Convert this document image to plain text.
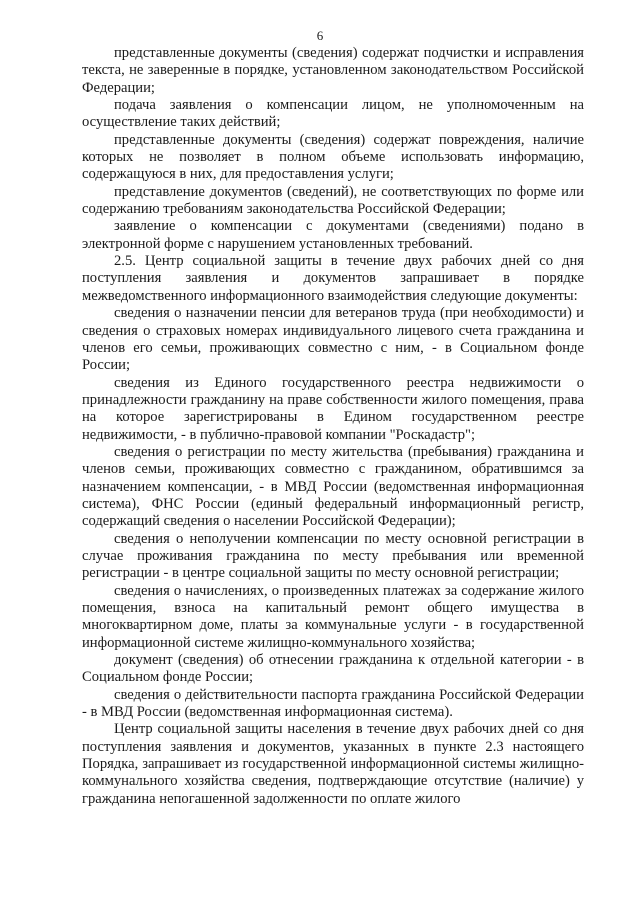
6

представленные документы (сведения) содержат подчистки и исправления текста, не заверенные в порядке, установленном законодательством Российской Федерации;

подача заявления о компенсации лицом, не уполномоченным на осуществление таких действий;

представленные документы (сведения) содержат повреждения, наличие которых не позволяет в полном объеме использовать информацию, содержащуюся в них, для предоставления услуги;

представление документов (сведений), не соответствующих по форме или содержанию требованиям законодательства Российской Федерации;

заявление о компенсации с документами (сведениями) подано в электронной форме с нарушением установленных требований.

2.5. Центр социальной защиты в течение двух рабочих дней со дня поступления заявления и документов запрашивает в порядке межведомственного информационного взаимодействия следующие документы:

сведения о назначении пенсии для ветеранов труда (при необходимости) и сведения о страховых номерах индивидуального лицевого счета гражданина и членов его семьи, проживающих совместно с ним, - в Социальном фонде России;

сведения из Единого государственного реестра недвижимости о принадлежности гражданину на праве собственности жилого помещения, права на которое зарегистрированы в Едином государственном реестре недвижимости, - в публично-правовой компании "Роскадастр";

сведения о регистрации по месту жительства (пребывания) гражданина и членов семьи, проживающих совместно с гражданином, обратившимся за назначением компенсации, - в МВД России (ведомственная информационная система), ФНС России (единый федеральный информационный регистр, содержащий сведения о населении Российской Федерации);

сведения о неполучении компенсации по месту основной регистрации в случае проживания гражданина по месту пребывания или временной регистрации - в центре социальной защиты по месту основной регистрации;

сведения о начислениях, о произведенных платежах за содержание жилого помещения, взноса на капитальный ремонт общего имущества в многоквартирном доме, платы за коммунальные услуги - в государственной информационной системе жилищно-коммунального хозяйства;

документ (сведения) об отнесении гражданина к отдельной категории - в Социальном фонде России;

сведения о действительности паспорта гражданина Российской Федерации - в МВД России (ведомственная информационная система).

Центр социальной защиты населения в течение двух рабочих дней со дня поступления заявления и документов, указанных в пункте 2.3 настоящего Порядка, запрашивает из государственной информационной системы жилищно-коммунального хозяйства сведения, подтверждающие отсутствие (наличие) у гражданина непогашенной задолженности по оплате жилого
